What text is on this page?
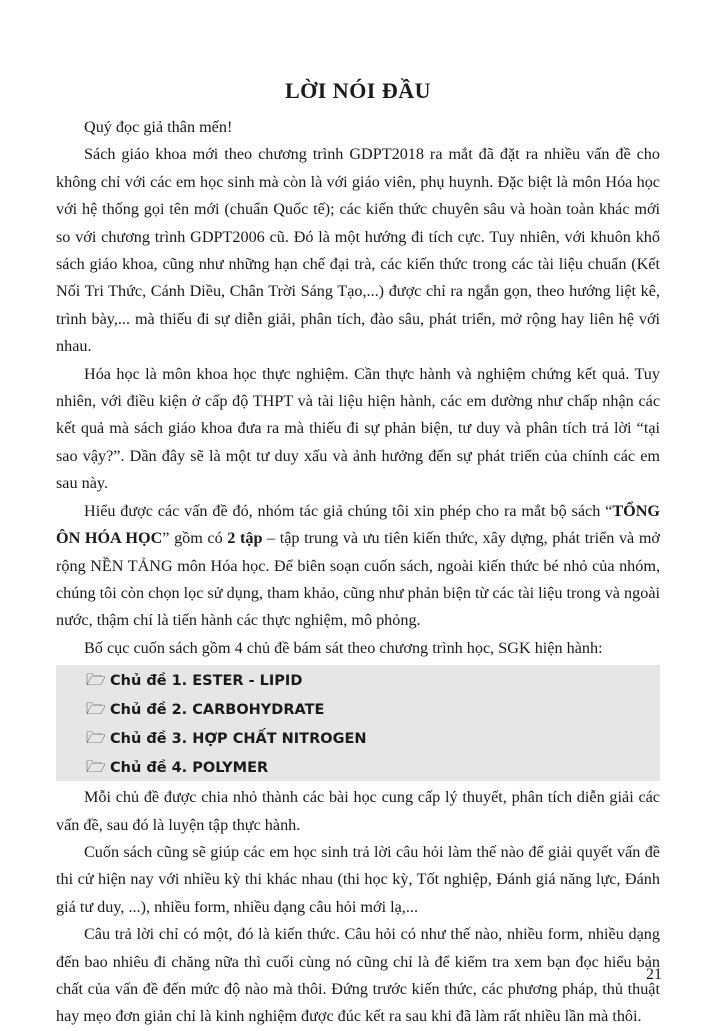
LỜI NÓI ĐẦU

Quý đọc giả thân mến!

Sách giáo khoa mới theo chương trình GDPT2018 ra mắt đã đặt ra nhiều vấn đề cho không chỉ với các em học sinh mà còn là với giáo viên, phụ huynh. Đặc biệt là môn Hóa học với hệ thống gọi tên mới (chuẩn Quốc tế); các kiến thức chuyên sâu và hoàn toàn khác mới so với chương trình GDPT2006 cũ. Đó là một hướng đi tích cực. Tuy nhiên, với khuôn khổ sách giáo khoa, cũng như những hạn chế đại trà, các kiến thức trong các tài liệu chuẩn (Kết Nối Tri Thức, Cánh Diều, Chân Trời Sáng Tạo,...) được chỉ ra ngắn gọn, theo hướng liệt kê, trình bày,... mà thiếu đi sự diễn giải, phân tích, đào sâu, phát triển, mở rộng hay liên hệ với nhau.

Hóa học là môn khoa học thực nghiệm. Cần thực hành và nghiệm chứng kết quả. Tuy nhiên, với điều kiện ở cấp độ THPT và tài liệu hiện hành, các em dường như chấp nhận các kết quả mà sách giáo khoa đưa ra mà thiếu đi sự phản biện, tư duy và phân tích trả lời “tại sao vậy?”. Dần đây sẽ là một tư duy xấu và ảnh hưởng đến sự phát triển của chính các em sau này.

Hiểu được các vấn đề đó, nhóm tác giả chúng tôi xin phép cho ra mắt bộ sách “TỔNG ÔN HÓA HỌC” gồm có 2 tập – tập trung và ưu tiên kiến thức, xây dựng, phát triển và mở rộng NỀN TẢNG môn Hóa học. Để biên soạn cuốn sách, ngoài kiến thức bé nhỏ của nhóm, chúng tôi còn chọn lọc sử dụng, tham khảo, cũng như phản biện từ các tài liệu trong và ngoài nước, thậm chí là tiến hành các thực nghiệm, mô phỏng.

Bố cục cuốn sách gồm 4 chủ đề bám sát theo chương trình học, SGK hiện hành:

🗁 Chủ đề 1. ESTER - LIPID
🗁 Chủ đề 2. CARBOHYDRATE
🗁 Chủ đề 3. HỢP CHẤT NITROGEN
🗁 Chủ đề 4. POLYMER

Mỗi chủ đề được chia nhỏ thành các bài học cung cấp lý thuyết, phân tích diễn giải các vấn đề, sau đó là luyện tập thực hành.

Cuốn sách cũng sẽ giúp các em học sinh trả lời câu hỏi làm thế nào để giải quyết vấn đề thi cử hiện nay với nhiều kỳ thi khác nhau (thi học kỳ, Tốt nghiệp, Đánh giá năng lực, Đánh giá tư duy, ...), nhiều form, nhiều dạng câu hỏi mới lạ,...

Câu trả lời chỉ có một, đó là kiến thức. Câu hỏi có như thế nào, nhiều form, nhiều dạng đến bao nhiêu đi chăng nữa thì cuối cùng nó cũng chỉ là để kiểm tra xem bạn đọc hiểu bản chất của vấn đề đến mức độ nào mà thôi. Đứng trước kiến thức, các phương pháp, thủ thuật hay mẹo đơn giản chỉ là kinh nghiệm được đúc kết ra sau khi đã làm rất nhiều lần mà thôi.

21
